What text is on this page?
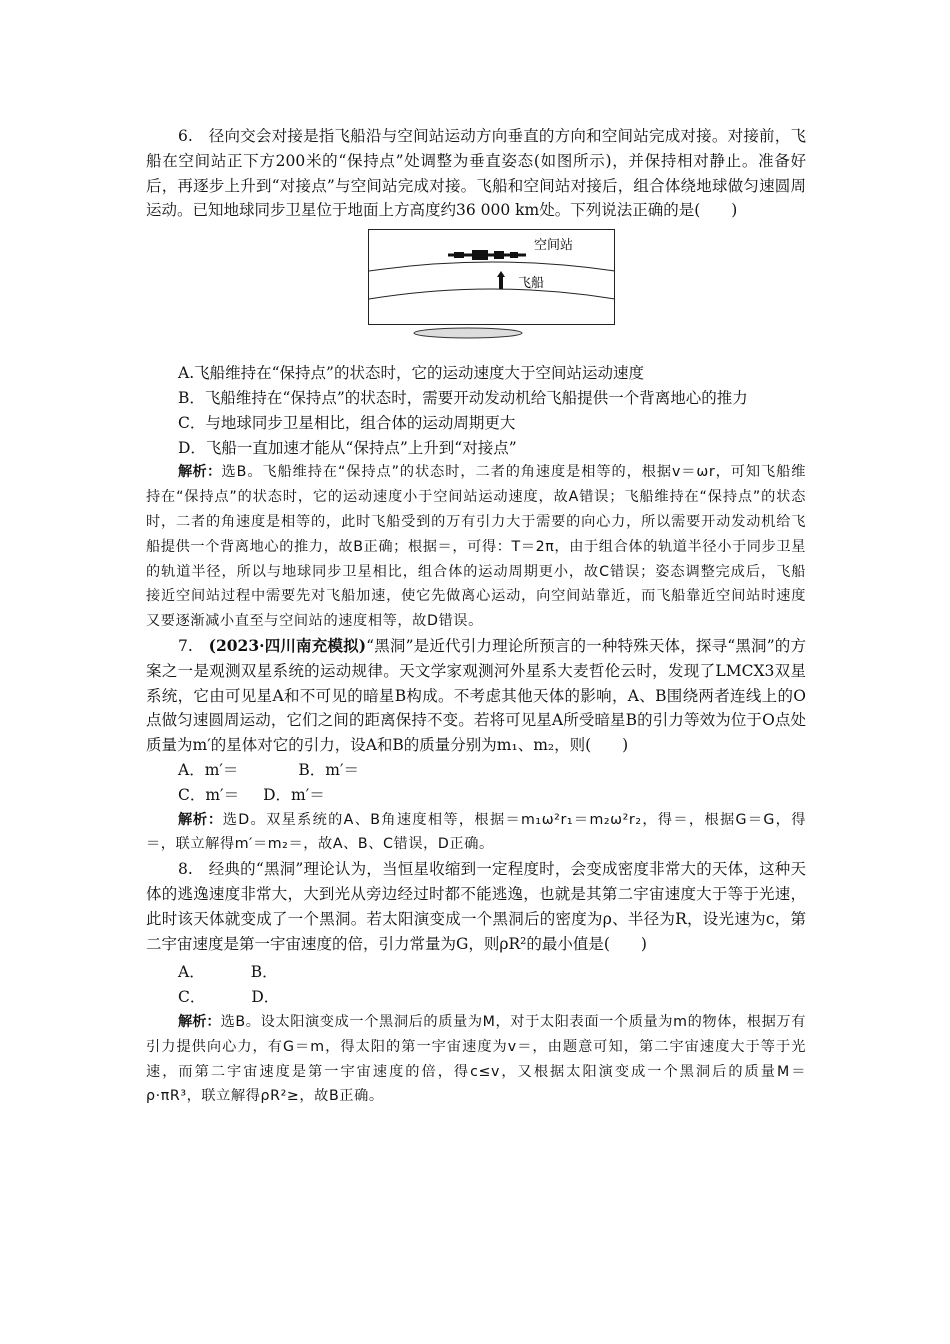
6.　径向交会对接是指飞船沿与空间站运动方向垂直的方向和空间站完成对接。对接前，飞船在空间站正下方200米的“保持点”处调整为垂直姿态(如图所示)，并保持相对静止。准备好后，再逐步上升到“对接点”与空间站完成对接。飞船和空间站对接后，组合体绕地球做匀速圆周运动。已知地球同步卫星位于地面上方高度约36 000 km处。下列说法正确的是(　　)

空间站
飞船

A.飞船维持在“保持点”的状态时，它的运动速度大于空间站运动速度

B．飞船维持在“保持点”的状态时，需要开动发动机给飞船提供一个背离地心的推力

C．与地球同步卫星相比，组合体的运动周期更大

D．飞船一直加速才能从“保持点”上升到“对接点”

解析：选B。飞船维持在“保持点”的状态时，二者的角速度是相等的，根据v＝ωr，可知飞船维持在“保持点”的状态时，它的运动速度小于空间站运动速度，故A错误；飞船维持在“保持点”的状态时，二者的角速度是相等的，此时飞船受到的万有引力大于需要的向心力，所以需要开动发动机给飞船提供一个背离地心的推力，故B正确；根据＝，可得：T＝2π，由于组合体的轨道半径小于同步卫星的轨道半径，所以与地球同步卫星相比，组合体的运动周期更小，故C错误；姿态调整完成后，飞船接近空间站过程中需要先对飞船加速，使它先做离心运动，向空间站靠近，而飞船靠近空间站时速度又要逐渐减小直至与空间站的速度相等，故D错误。

7.　(2023·四川南充模拟)“黑洞”是近代引力理论所预言的一种特殊天体，探寻“黑洞”的方案之一是观测双星系统的运动规律。天文学家观测河外星系大麦哲伦云时，发现了LMCX3双星系统，它由可见星A和不可见的暗星B构成。不考虑其他天体的影响，A、B围绕两者连线上的O点做匀速圆周运动，它们之间的距离保持不变。若将可见星A所受暗星B的引力等效为位于O点处质量为m′的星体对它的引力，设A和B的质量分别为m₁、m₂，则(　　)

A．m′＝	B．m′＝

C．m′＝ D．m′＝

解析：选D。双星系统的A、B角速度相等，根据＝m₁ω²r₁＝m₂ω²r₂，得＝，根据G＝G，得＝，联立解得m′＝m₂＝，故A、B、C错误，D正确。

8.　经典的“黑洞”理论认为，当恒星收缩到一定程度时，会变成密度非常大的天体，这种天体的逃逸速度非常大，大到光从旁边经过时都不能逃逸，也就是其第二宇宙速度大于等于光速，此时该天体就变成了一个黑洞。若太阳演变成一个黑洞后的密度为ρ、半径为R，设光速为c，第二宇宙速度是第一宇宙速度的倍，引力常量为G，则ρR²的最小值是(　　)

A．	B．

C．	D．

解析：选B。设太阳演变成一个黑洞后的质量为M，对于太阳表面一个质量为m的物体，根据万有引力提供向心力，有G＝m，得太阳的第一宇宙速度为v＝，由题意可知，第二宇宙速度大于等于光速，而第二宇宙速度是第一宇宙速度的倍，得c≤v，又根据太阳演变成一个黑洞后的质量M＝ρ·πR³，联立解得ρR²≥，故B正确。
